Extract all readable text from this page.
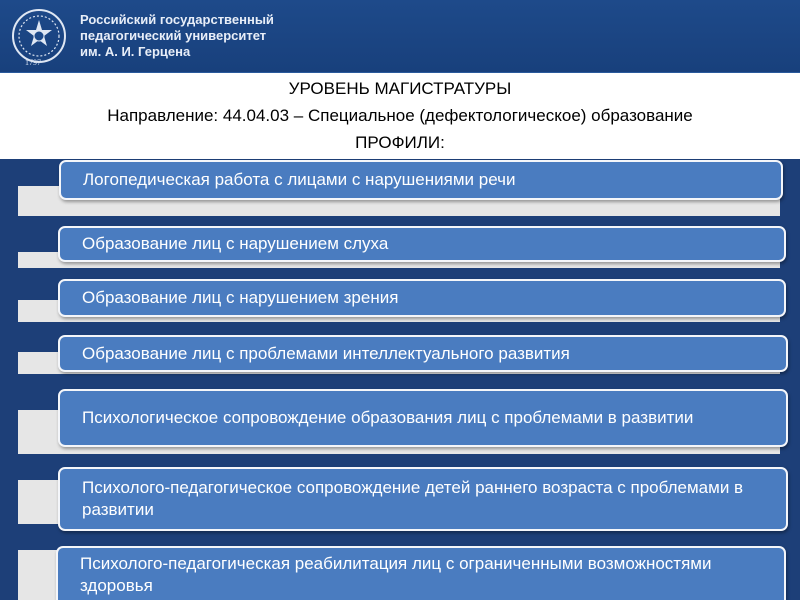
1797
Российский государственный
педагогический университет
им. А. И. Герцена
УРОВЕНЬ МАГИСТРАТУРЫ
Направление: 44.04.03 – Специальное (дефектологическое) образование
ПРОФИЛИ:
Логопедическая работа с лицами с нарушениями речи
Образование лиц с нарушением слуха
Образование лиц с нарушением зрения
Образование лиц с проблемами интеллектуального развития
Психологическое сопровождение образования лиц с проблемами в развитии
Психолого-педагогическое сопровождение детей раннего возраста с проблемами в развитии
Психолого-педагогическая реабилитация лиц с ограниченными возможностями здоровья
